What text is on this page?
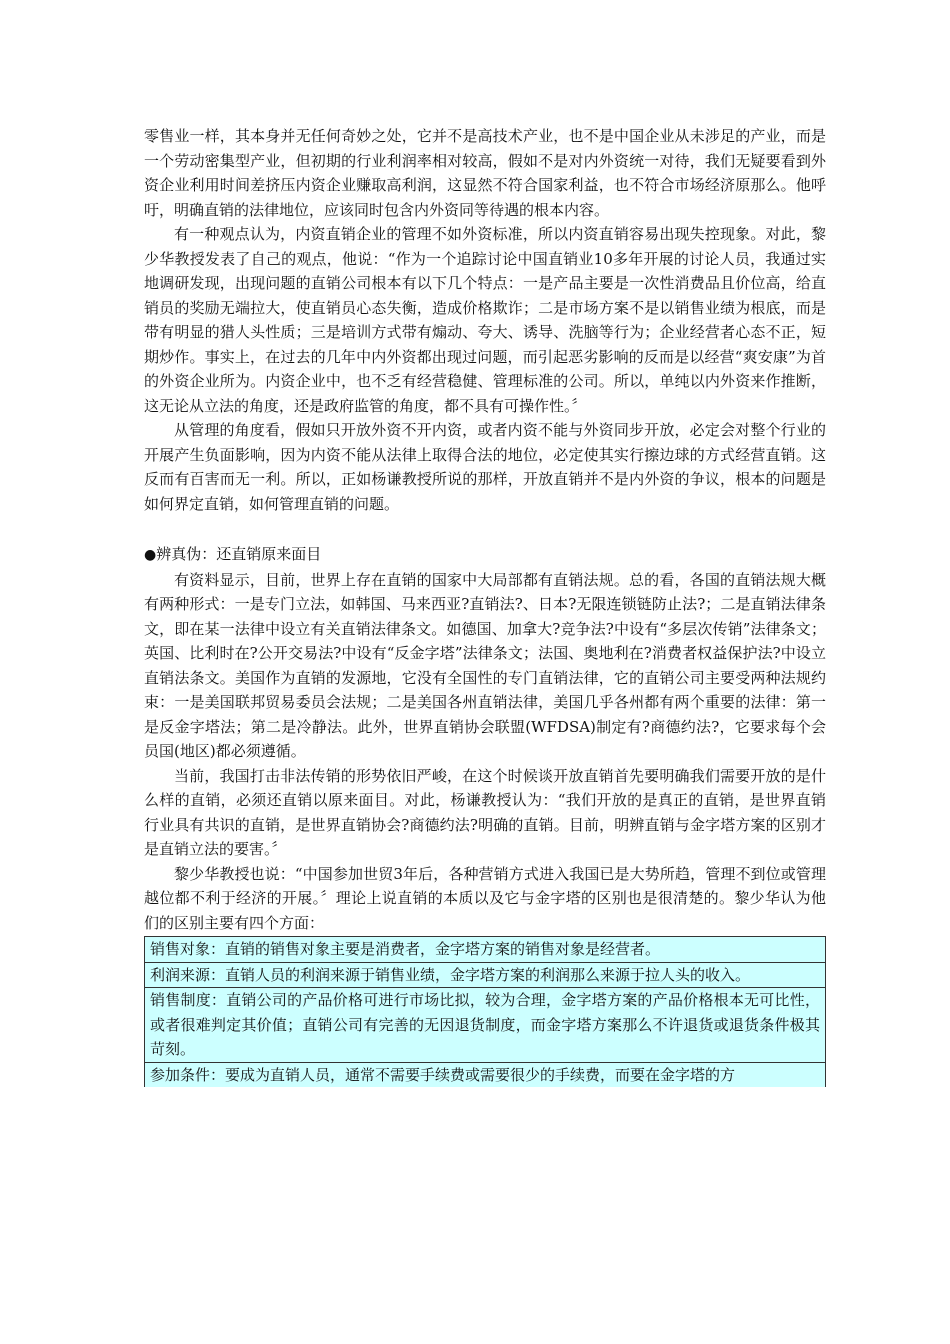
零售业一样，其本身并无任何奇妙之处，它并不是高技术产业，也不是中国企业从未涉足的产业，而是一个劳动密集型产业，但初期的行业利润率相对较高，假如不是对内外资统一对待，我们无疑要看到外资企业利用时间差挤压内资企业赚取高利润，这显然不符合国家利益，也不符合市场经济原那么。他呼吁，明确直销的法律地位，应该同时包含内外资同等待遇的根本内容。

有一种观点认为，内资直销企业的管理不如外资标准，所以内资直销容易出现失控现象。对此，黎少华教授发表了自己的观点，他说：“作为一个追踪讨论中国直销业10多年开展的讨论人员，我通过实地调研发现，出现问题的直销公司根本有以下几个特点：一是产品主要是一次性消费品且价位高，给直销员的奖励无端拉大，使直销员心态失衡，造成价格欺诈；二是市场方案不是以销售业绩为根底，而是带有明显的猎人头性质；三是培训方式带有煽动、夸大、诱导、洗脑等行为；企业经营者心态不正，短期炒作。事实上，在过去的几年中内外资都出现过问题，而引起恶劣影响的反而是以经营“爽安康”为首的外资企业所为。内资企业中，也不乏有经营稳健、管理标准的公司。所以，单纯以内外资来作推断，这无论从立法的角度，还是政府监管的角度，都不具有可操作性。〞

从管理的角度看，假如只开放外资不开内资，或者内资不能与外资同步开放，必定会对整个行业的开展产生负面影响，因为内资不能从法律上取得合法的地位，必定使其实行擦边球的方式经营直销。这反而有百害而无一利。所以，正如杨谦教授所说的那样，开放直销并不是内外资的争议，根本的问题是如何界定直销，如何管理直销的问题。

●辨真伪：还直销原来面目

有资料显示，目前，世界上存在直销的国家中大局部都有直销法规。总的看，各国的直销法规大概有两种形式：一是专门立法，如韩国、马来西亚?直销法?、日本?无限连锁链防止法?；二是直销法律条文，即在某一法律中设立有关直销法律条文。如德国、加拿大?竞争法?中设有“多层次传销”法律条文；英国、比利时在?公开交易法?中设有“反金字塔”法律条文；法国、奥地利在?消费者权益保护法?中设立直销法条文。美国作为直销的发源地，它没有全国性的专门直销法律，它的直销公司主要受两种法规约束：一是美国联邦贸易委员会法规；二是美国各州直销法律，美国几乎各州都有两个重要的法律：第一是反金字塔法；第二是冷静法。此外，世界直销协会联盟(WFDSA)制定有?商德约法?，它要求每个会员国(地区)都必须遵循。

当前，我国打击非法传销的形势依旧严峻，在这个时候谈开放直销首先要明确我们需要开放的是什么样的直销，必须还直销以原来面目。对此，杨谦教授认为：“我们开放的是真正的直销，是世界直销行业具有共识的直销，是世界直销协会?商德约法?明确的直销。目前，明辨直销与金字塔方案的区别才是直销立法的要害。〞

黎少华教授也说：“中国参加世贸3年后，各种营销方式进入我国已是大势所趋，管理不到位或管理越位都不利于经济的开展。〞理论上说直销的本质以及它与金字塔的区别也是很清楚的。黎少华认为他们的区别主要有四个方面：

销售对象：直销的销售对象主要是消费者，金字塔方案的销售对象是经营者。
利润来源：直销人员的利润来源于销售业绩，金字塔方案的利润那么来源于拉人头的收入。
销售制度：直销公司的产品价格可进行市场比拟，较为合理，金字塔方案的产品价格根本无可比性，或者很难判定其价值；直销公司有完善的无因退货制度，而金字塔方案那么不许退货或退货条件极其苛刻。
参加条件：要成为直销人员，通常不需要手续费或需要很少的手续费，而要在金字塔的方
